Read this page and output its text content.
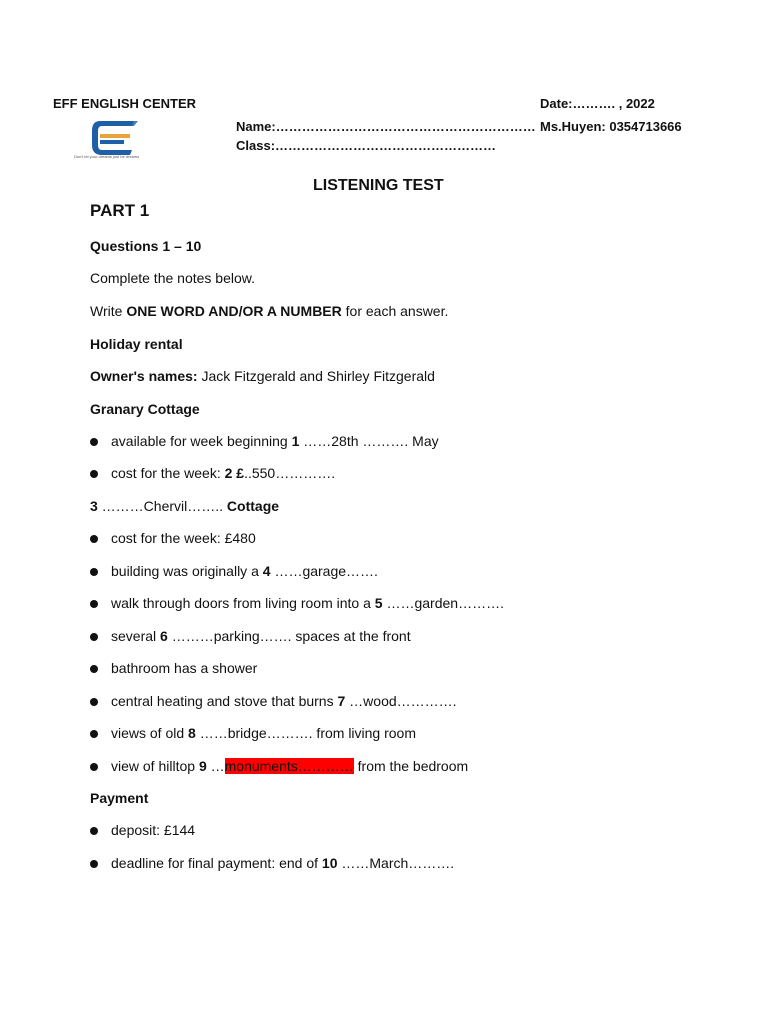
EFF ENGLISH CENTER	Date:………. , 2022
Name:…………………………………………………… Ms.Huyen: 0354713666
Class:……………………………………………
Don't let your dreams just be dreams
LISTENING TEST
PART 1
Questions 1 – 10
Complete the notes below.
Write ONE WORD AND/OR A NUMBER for each answer.
Holiday rental
Owner's names: Jack Fitzgerald and Shirley Fitzgerald
Granary Cottage
available for week beginning 1 ……28th ………. May
cost for the week: 2 £..550………….
3 ………Chervil…….. Cottage
cost for the week: £480
building was originally a 4 ……garage…….
walk through doors from living room into a 5 ……garden……….
several 6 ………parking……. spaces at the front
bathroom has a shower
central heating and stove that burns 7 …wood………….
views of old 8 ……bridge………. from living room
view of hilltop 9 …monuments………… from the bedroom
Payment
deposit: £144
deadline for final payment: end of 10 ……March……….
